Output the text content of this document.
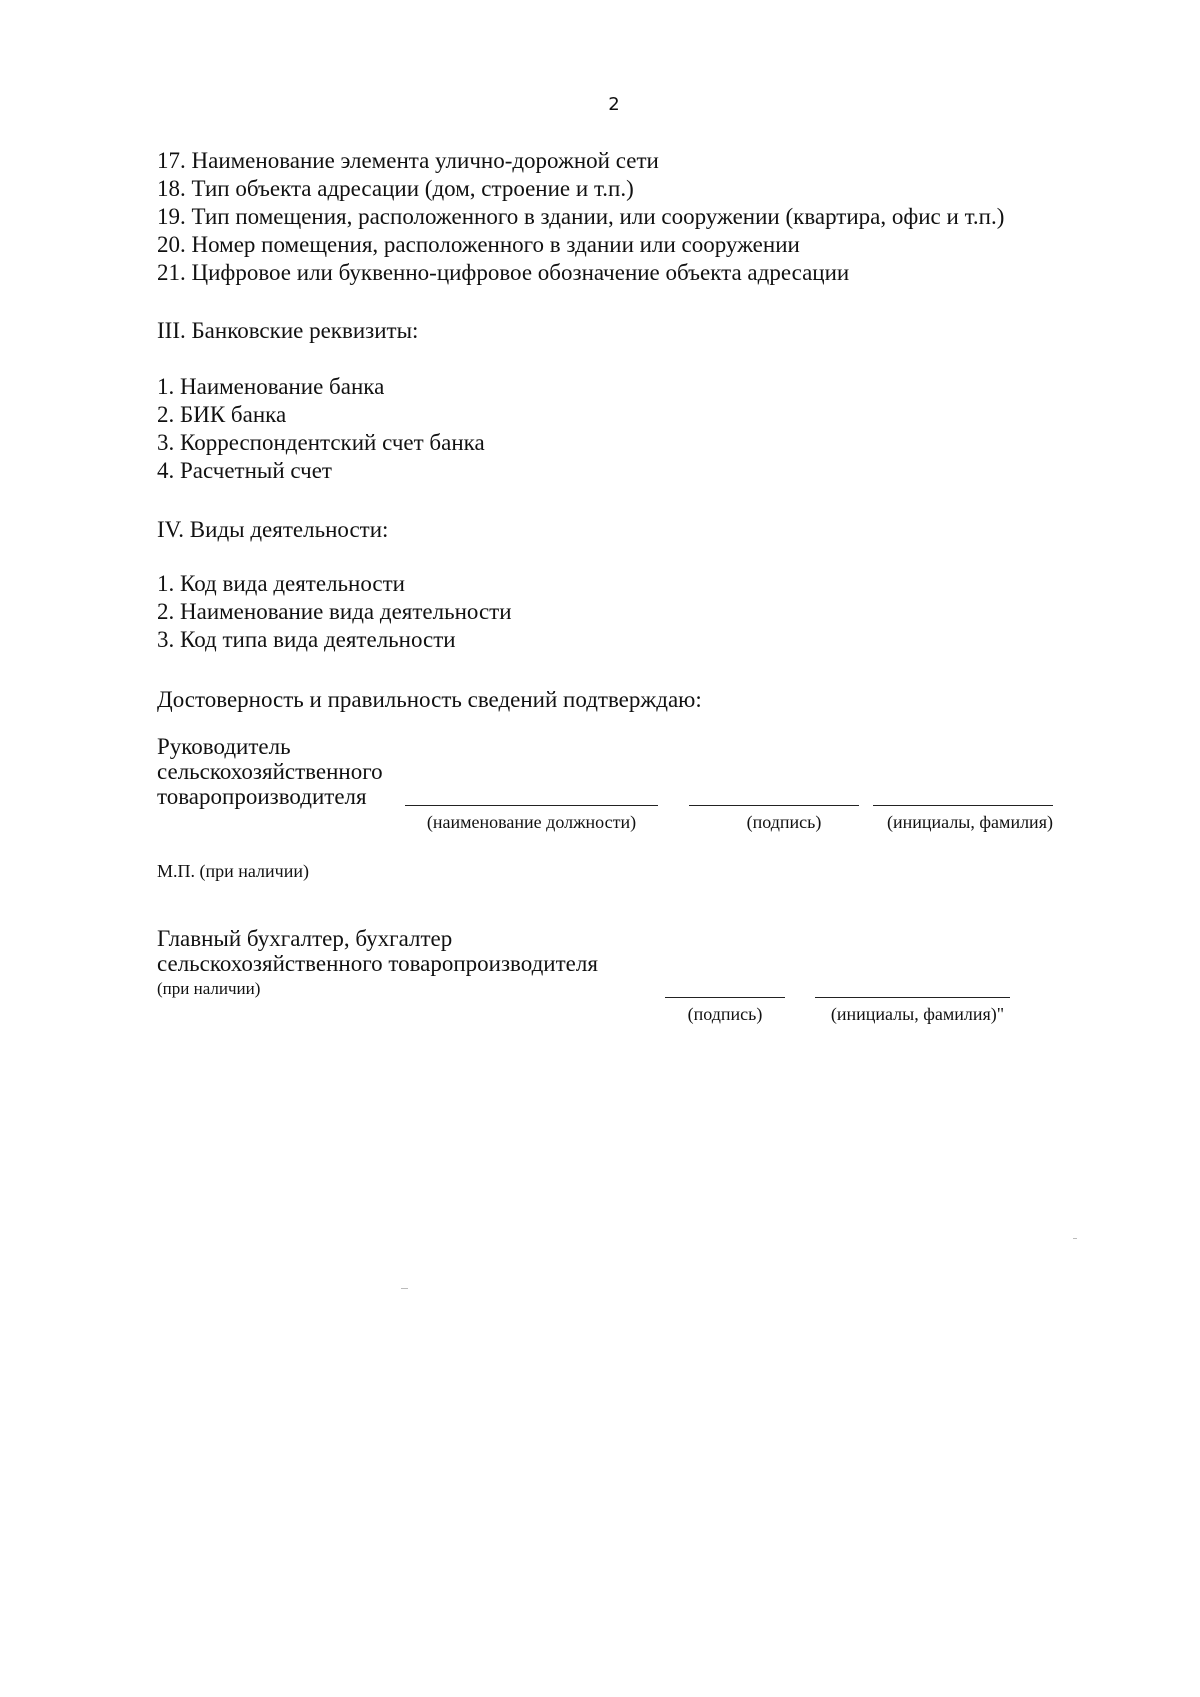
2
17. Наименование элемента улично-дорожной сети
18. Тип объекта адресации (дом, строение и т.п.)
19. Тип помещения, расположенного в здании, или сооружении (квартира, офис и т.п.)
20. Номер помещения, расположенного в здании или сооружении
21. Цифровое или буквенно-цифровое обозначение объекта адресации
III. Банковские реквизиты:
1. Наименование банка
2. БИК банка
3. Корреспондентский счет банка
4. Расчетный счет
IV. Виды деятельности:
1. Код вида деятельности
2. Наименование вида деятельности
3. Код типа вида деятельности
Достоверность и правильность сведений подтверждаю:
Руководитель
сельскохозяйственного
товаропроизводителя
(наименование должности)	(подпись)	(инициалы, фамилия)
М.П. (при наличии)
Главный бухгалтер, бухгалтер
сельскохозяйственного товаропроизводителя
(при наличии)
(подпись)	(инициалы, фамилия)"
